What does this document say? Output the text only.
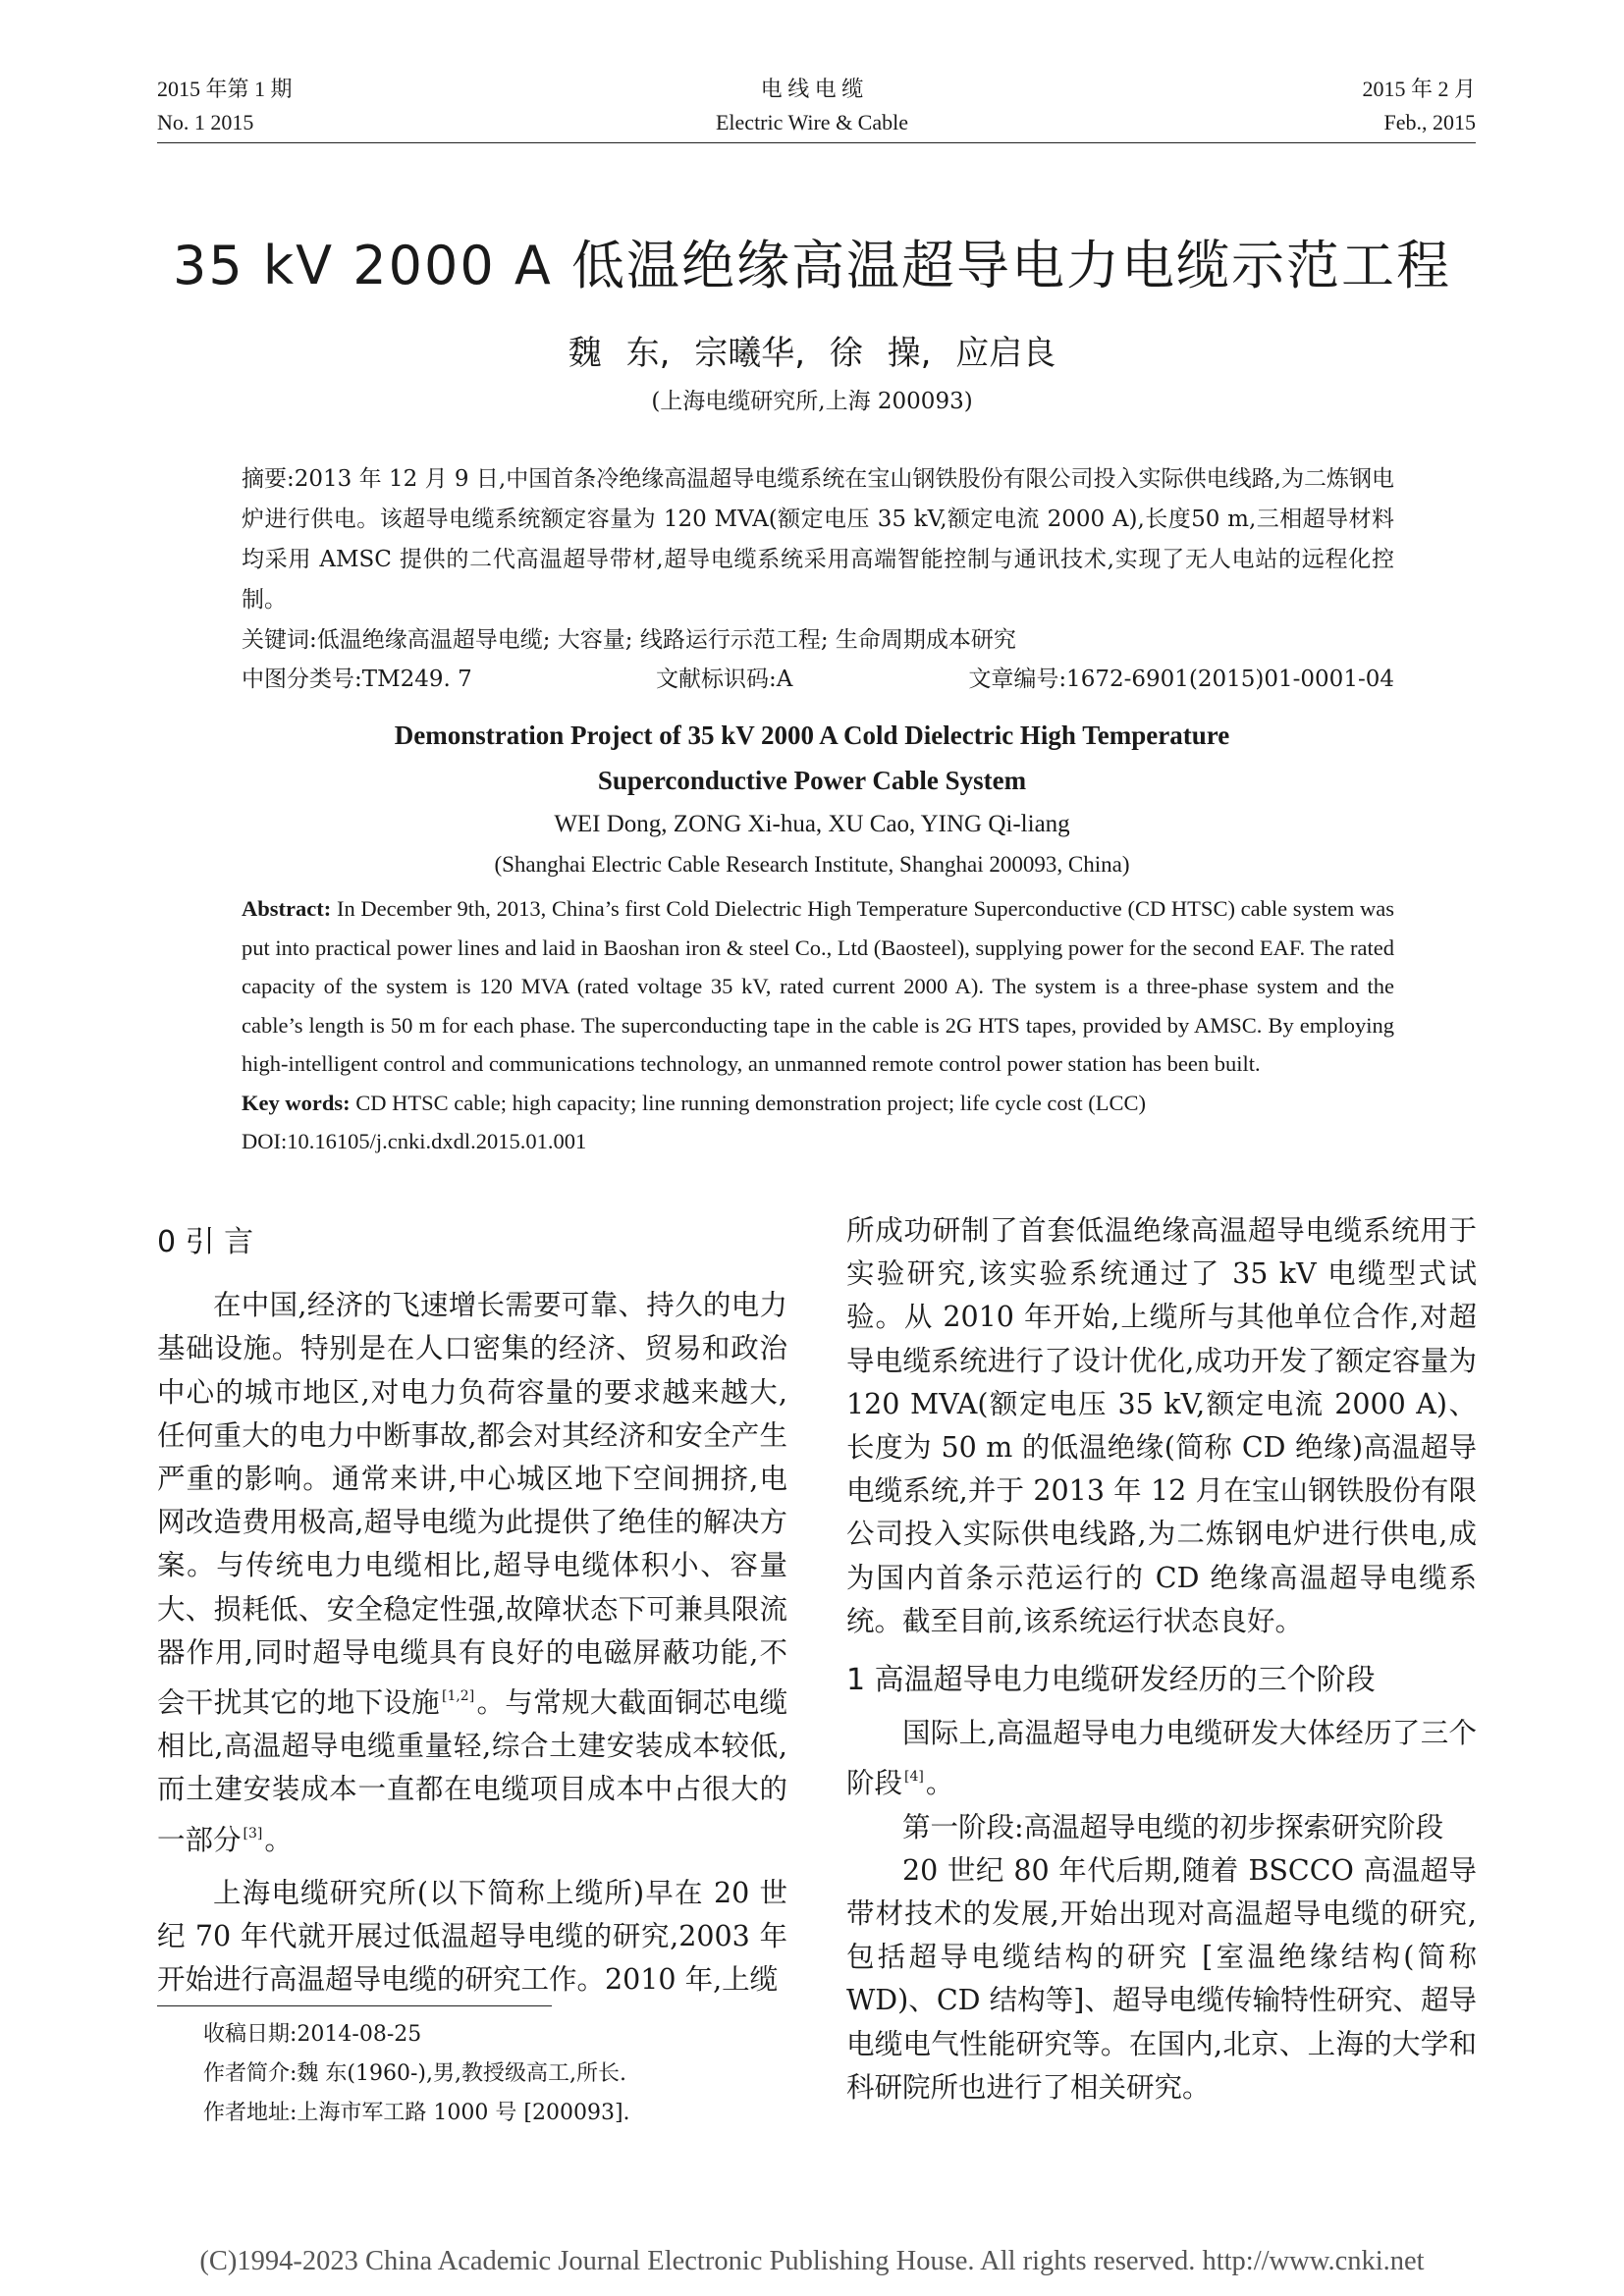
2015 年第 1 期
No. 1 2015
电 线 电 缆
Electric Wire & Cable
2015 年 2 月
Feb., 2015
35 kV 2000 A 低温绝缘高温超导电力电缆示范工程
魏 东, 宗曦华, 徐 操, 应启良
(上海电缆研究所,上海 200093)

摘要:2013 年 12 月 9 日,中国首条冷绝缘高温超导电缆系统在宝山钢铁股份有限公司投入实际供电线路,为二炼钢电炉进行供电。该超导电缆系统额定容量为 120 MVA(额定电压 35 kV,额定电流 2000 A),长度50 m,三相超导材料均采用 AMSC 提供的二代高温超导带材,超导电缆系统采用高端智能控制与通讯技术,实现了无人电站的远程化控制。

关键词:低温绝缘高温超导电缆; 大容量; 线路运行示范工程; 生命周期成本研究

中图分类号:TM249. 7	文献标识码:A	文章编号:1672-6901(2015)01-0001-04
Demonstration Project of 35 kV 2000 A Cold Dielectric High Temperature
Superconductive Power Cable System
WEI Dong, ZONG Xi-hua, XU Cao, YING Qi-liang
(Shanghai Electric Cable Research Institute, Shanghai 200093, China)

Abstract: In December 9th, 2013, China’s first Cold Dielectric High Temperature Superconductive (CD HTSC) cable system was put into practical power lines and laid in Baoshan iron & steel Co., Ltd (Baosteel), supplying power for the second EAF. The rated capacity of the system is 120 MVA (rated voltage 35 kV, rated current 2000 A). The system is a three-phase system and the cable’s length is 50 m for each phase. The superconducting tape in the cable is 2G HTS tapes, provided by AMSC. By employing high-intelligent control and communications technology, an unmanned remote control power station has been built.

Key words: CD HTSC cable; high capacity; line running demonstration project; life cycle cost (LCC)

DOI:10.16105/j.cnki.dxdl.2015.01.001

0 引 言

在中国,经济的飞速增长需要可靠、持久的电力基础设施。特别是在人口密集的经济、贸易和政治中心的城市地区,对电力负荷容量的要求越来越大,任何重大的电力中断事故,都会对其经济和安全产生严重的影响。通常来讲,中心城区地下空间拥挤,电网改造费用极高,超导电缆为此提供了绝佳的解决方案。与传统电力电缆相比,超导电缆体积小、容量大、损耗低、安全稳定性强,故障状态下可兼具限流器作用,同时超导电缆具有良好的电磁屏蔽功能,不会干扰其它的地下设施 [1,2]。与常规大截面铜芯电缆相比,高温超导电缆重量轻,综合土建安装成本较低,而土建安装成本一直都在电缆项目成本中占很大的一部分 [3]。

上海电缆研究所(以下简称上缆所)早在 20 世纪 70 年代就开展过低温超导电缆的研究,2003 年开始进行高温超导电缆的研究工作。2010 年,上缆

收稿日期:2014-08-25
作者简介:魏 东(1960-),男,教授级高工,所长.
作者地址:上海市军工路 1000 号 [200093].

所成功研制了首套低温绝缘高温超导电缆系统用于实验研究,该实验系统通过了 35 kV 电缆型式试验。从 2010 年开始,上缆所与其他单位合作,对超导电缆系统进行了设计优化,成功开发了额定容量为 120 MVA(额定电压 35 kV,额定电流 2000 A)、长度为 50 m 的低温绝缘(简称 CD 绝缘)高温超导电缆系统,并于 2013 年 12 月在宝山钢铁股份有限公司投入实际供电线路,为二炼钢电炉进行供电,成为国内首条示范运行的 CD 绝缘高温超导电缆系统。截至目前,该系统运行状态良好。

1 高温超导电力电缆研发经历的三个阶段

国际上,高温超导电力电缆研发大体经历了三个阶段 [4]。

第一阶段:高温超导电缆的初步探索研究阶段

20 世纪 80 年代后期,随着 BSCCO 高温超导带材技术的发展,开始出现对高温超导电缆的研究,包括超导电缆结构的研究 [室温绝缘结构(简称 WD)、CD 结构等]、超导电缆传输特性研究、超导电缆电气性能研究等。在国内,北京、上海的大学和科研院所也进行了相关研究。

(C)1994-2023 China Academic Journal Electronic Publishing House. All rights reserved. http://www.cnki.net
